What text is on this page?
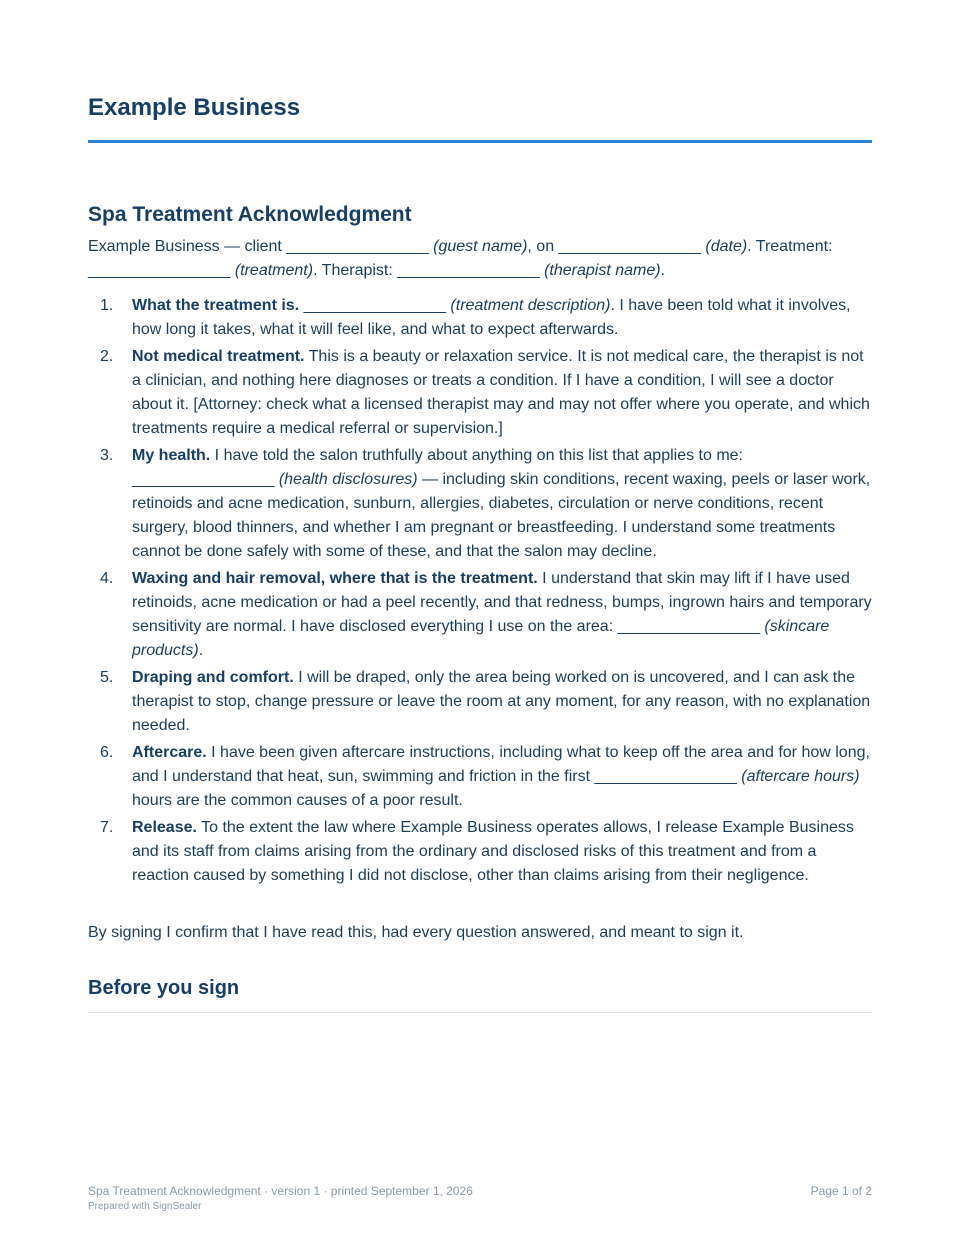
Example Business
Spa Treatment Acknowledgment

Example Business — client ________________ (guest name), on ________________ (date). Treatment: ________________ (treatment). Therapist: ________________ (therapist name).

1. What the treatment is. ________________ (treatment description). I have been told what it involves, how long it takes, what it will feel like, and what to expect afterwards.
2. Not medical treatment. This is a beauty or relaxation service. It is not medical care, the therapist is not a clinician, and nothing here diagnoses or treats a condition. If I have a condition, I will see a doctor about it. [Attorney: check what a licensed therapist may and may not offer where you operate, and which treatments require a medical referral or supervision.]
3. My health. I have told the salon truthfully about anything on this list that applies to me: ________________ (health disclosures) — including skin conditions, recent waxing, peels or laser work, retinoids and acne medication, sunburn, allergies, diabetes, circulation or nerve conditions, recent surgery, blood thinners, and whether I am pregnant or breastfeeding. I understand some treatments cannot be done safely with some of these, and that the salon may decline.
4. Waxing and hair removal, where that is the treatment. I understand that skin may lift if I have used retinoids, acne medication or had a peel recently, and that redness, bumps, ingrown hairs and temporary sensitivity are normal. I have disclosed everything I use on the area: ________________ (skincare products).
5. Draping and comfort. I will be draped, only the area being worked on is uncovered, and I can ask the therapist to stop, change pressure or leave the room at any moment, for any reason, with no explanation needed.
6. Aftercare. I have been given aftercare instructions, including what to keep off the area and for how long, and I understand that heat, sun, swimming and friction in the first ________________ (aftercare hours) hours are the common causes of a poor result.
7. Release. To the extent the law where Example Business operates allows, I release Example Business and its staff from claims arising from the ordinary and disclosed risks of this treatment and from a reaction caused by something I did not disclose, other than claims arising from their negligence.

By signing I confirm that I have read this, had every question answered, and meant to sign it.

Before you sign
Spa Treatment Acknowledgment · version 1 · printed September 1, 2026
Prepared with SignSealer
Page 1 of 2
